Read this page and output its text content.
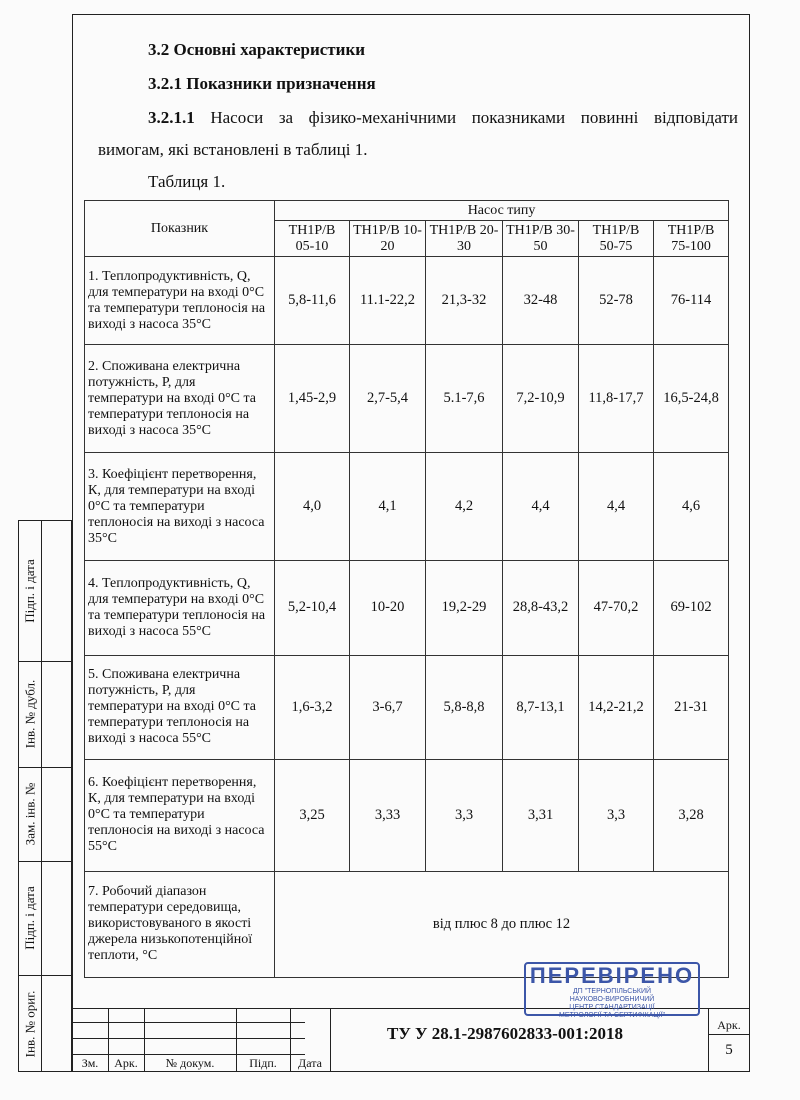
3.2 Основні характеристики
3.2.1 Показники призначення
3.2.1.1 Насоси за фізико-механічними показниками повинні відповідати вимогам, які встановлені в таблиці 1.
Таблиця 1.
Показник	Насос типу					
	ТН1Р/В 05-10	ТН1Р/В 10-20	ТН1Р/В 20-30	ТН1Р/В 30-50	ТН1Р/В 50-75	ТН1Р/В 75-100
1. Теплопродуктивність, Q, для температури на вході 0°С та температури теплоносія на виході з насоса 35°С	5,8-11,6	11.1-22,2	21,3-32	32-48	52-78	76-114
2. Споживана електрична потужність, Р, для температури на вході 0°С та температури теплоносія на виході з насоса 35°С	1,45-2,9	2,7-5,4	5.1-7,6	7,2-10,9	11,8-17,7	16,5-24,8
3. Коефіцієнт перетворення, К, для температури на вході 0°С та температури теплоносія на виході з насоса 35°С	4,0	4,1	4,2	4,4	4,4	4,6
4. Теплопродуктивність, Q, для температури на вході 0°С та температури теплоносія на виході з насоса 55°С	5,2-10,4	10-20	19,2-29	28,8-43,2	47-70,2	69-102
5. Споживана електрична потужність, Р, для температури на вході 0°С та температури теплоносія на виході з насоса 55°С	1,6-3,2	3-6,7	5,8-8,8	8,7-13,1	14,2-21,2	21-31
6. Коефіцієнт перетворення, К, для температури на вході 0°С та температури теплоносія на виході з насоса 55°С	3,25	3,33	3,3	3,31	3,3	3,28
7. Робочий діапазон температури середовища, використовуваного в якості джерела низькопотенційної теплоти, °С	від плюс 8 до плюс 12					
Підп. і дата
Інв. № дубл.
Зам. інв. №
Підп. і дата
Інв. № ориг.
Зм.	Арк.	№ докум.	Підп.	Дата
ТУ У 28.1-2987602833-001:2018	Арк.
5
ПЕРЕВІРЕНО
ДП "ТЕРНОПІЛЬСЬКИЙ
НАУКОВО-ВИРОБНИЧИЙ
ЦЕНТР СТАНДАРТИЗАЦІЇ
МЕТРОЛОГІЇ ТА СЕРТИФІКАЦІЇ"
